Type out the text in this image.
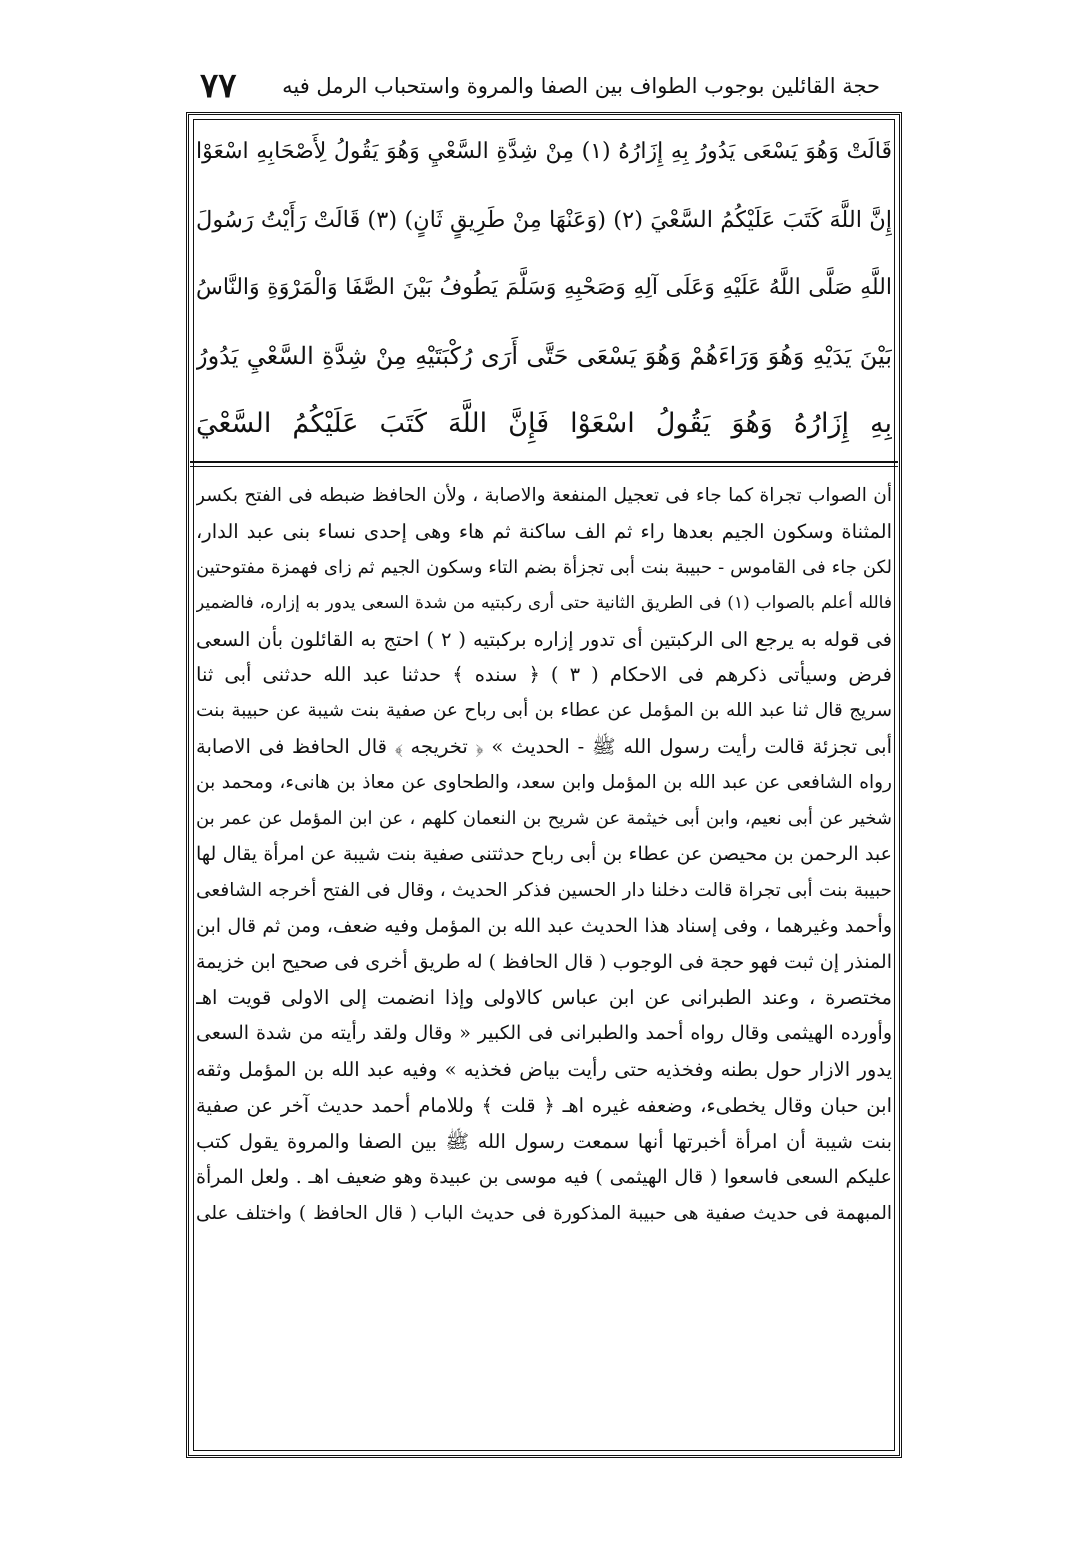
حجة القائلين بوجوب الطواف بين الصفا والمروة واستحباب الرمل فيه
٧٧
قَالَتْ وَهُوَ يَسْعَى يَدُورُ بِهِ إِزَارُهُ (١) مِنْ شِدَّةِ السَّعْيِ وَهُوَ يَقُولُ لِأَصْحَابِهِ اسْعَوْا
إِنَّ اللَّهَ كَتَبَ عَلَيْكُمُ السَّعْيَ (٢) (وَعَنْهَا مِنْ طَرِيقٍ ثَانٍ) (٣) قَالَتْ رَأَيْتُ رَسُولَ
اللَّهِ صَلَّى اللَّهُ عَلَيْهِ وَعَلَى آلِهِ وَصَحْبِهِ وَسَلَّمَ يَطُوفُ بَيْنَ الصَّفَا وَالْمَرْوَةِ وَالنَّاسُ
بَيْنَ يَدَيْهِ وَهُوَ وَرَاءَهُمْ وَهُوَ يَسْعَى حَتَّى أَرَى رُكْبَتَيْهِ مِنْ شِدَّةِ السَّعْيِ يَدُورُ
بِهِ إِزَارُهُ وَهُوَ يَقُولُ اسْعَوْا فَإِنَّ اللَّهَ كَتَبَ عَلَيْكُمُ السَّعْيَ
أن الصواب تجراة كما جاء فى تعجيل المنفعة والاصابة ، ولأن الحافظ ضبطه فى الفتح بكسر
المثناة وسكون الجيم بعدها راء ثم الف ساكنة ثم هاء وهى إحدى نساء بنى عبد الدار،
لكن جاء فى القاموس - حبيبة بنت أبى تجزأة بضم التاء وسكون الجيم ثم زاى فهمزة مفتوحتين
فالله أعلم بالصواب (١) فى الطريق الثانية حتى أرى ركبتيه من شدة السعى يدور به إزاره، فالضمير
فى قوله به يرجع الى الركبتين أى تدور إزاره بركبتيه ( ٢ ) احتج به القائلون بأن السعى
فرض وسيأتى ذكرهم فى الاحكام ( ٣ ) ﴿ سنده ﴾ حدثنا عبد الله حدثنى أبى ثنا
سريج قال ثنا عبد الله بن المؤمل عن عطاء بن أبى رباح عن صفية بنت شيبة عن حبيبة بنت
أبى تجزئة قالت رأيت رسول الله ﷺ - الحديث » ﴿ تخريجه ﴾ قال الحافظ فى الاصابة
رواه الشافعى عن عبد الله بن المؤمل وابن سعد، والطحاوى عن معاذ بن هانىء، ومحمد بن
شخير عن أبى نعيم، وابن أبى خيثمة عن شريح بن النعمان كلهم ، عن ابن المؤمل عن عمر بن
عبد الرحمن بن محيصن عن عطاء بن أبى رباح حدثتنى صفية بنت شيبة عن امرأة يقال لها
حبيبة بنت أبى تجراة قالت دخلنا دار الحسين فذكر الحديث ، وقال فى الفتح أخرجه الشافعى
وأحمد وغيرهما ، وفى إسناد هذا الحديث عبد الله بن المؤمل وفيه ضعف، ومن ثم قال ابن
المنذر إن ثبت فهو حجة فى الوجوب ( قال الحافظ ) له طريق أخرى فى صحيح ابن خزيمة
مختصرة ، وعند الطبرانى عن ابن عباس كالاولى وإذا انضمت إلى الاولى قويت اهـ
وأورده الهيثمى وقال رواه أحمد والطبرانى فى الكبير « وقال ولقد رأيته من شدة السعى
يدور الازار حول بطنه وفخذيه حتى رأيت بياض فخذيه » وفيه عبد الله بن المؤمل وثقه
ابن حبان وقال يخطىء، وضعفه غيره اهـ ﴿ قلت ﴾ وللامام أحمد حديث آخر عن صفية
بنت شيبة أن امرأة أخبرتها أنها سمعت رسول الله ﷺ بين الصفا والمروة يقول كتب
عليكم السعى فاسعوا ( قال الهيثمى ) فيه موسى بن عبيدة وهو ضعيف اهـ . ولعل المرأة
المبهمة فى حديث صفية هى حبيبة المذكورة فى حديث الباب ( قال الحافظ ) واختلف على
